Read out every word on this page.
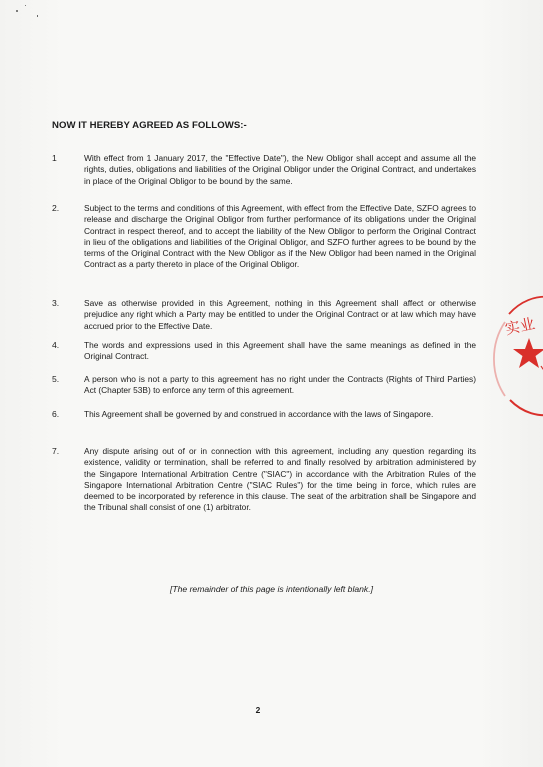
NOW IT HEREBY AGREED AS FOLLOWS:-
1	With effect from 1 January 2017, the "Effective Date"), the New Obligor shall accept and assume all the rights, duties, obligations and liabilities of the Original Obligor under the Original Contract, and undertakes in place of the Original Obligor to be bound by the same.

2.	Subject to the terms and conditions of this Agreement, with effect from the Effective Date, SZFO agrees to release and discharge the Original Obligor from further performance of its obligations under the Original Contract in respect thereof, and to accept the liability of the New Obligor to perform the Original Contract in lieu of the obligations and liabilities of the Original Obligor, and SZFO further agrees to be bound by the terms of the Original Contract with the New Obligor as if the New Obligor had been named in the Original Contract as a party thereto in place of the Original Obligor.

3.	Save as otherwise provided in this Agreement, nothing in this Agreement shall affect or otherwise prejudice any right which a Party may be entitled to under the Original Contract or at law which may have accrued prior to the Effective Date.

4.	The words and expressions used in this Agreement shall have the same meanings as defined in the Original Contract.

5.	A person who is not a party to this agreement has no right under the Contracts (Rights of Third Parties) Act (Chapter 53B) to enforce any term of this agreement.

6.	This Agreement shall be governed by and construed in accordance with the laws of Singapore.

7.	Any dispute arising out of or in connection with this agreement, including any question regarding its existence, validity or termination, shall be referred to and finally resolved by arbitration administered by the Singapore International Arbitration Centre ("SIAC") in accordance with the Arbitration Rules of the Singapore International Arbitration Centre ("SIAC Rules") for the time being in force, which rules are deemed to be incorporated by reference in this clause. The seat of the arbitration shall be Singapore and the Tribunal shall consist of one (1) arbitrator.

[The remainder of this page is intentionally left blank.]
2
实业
